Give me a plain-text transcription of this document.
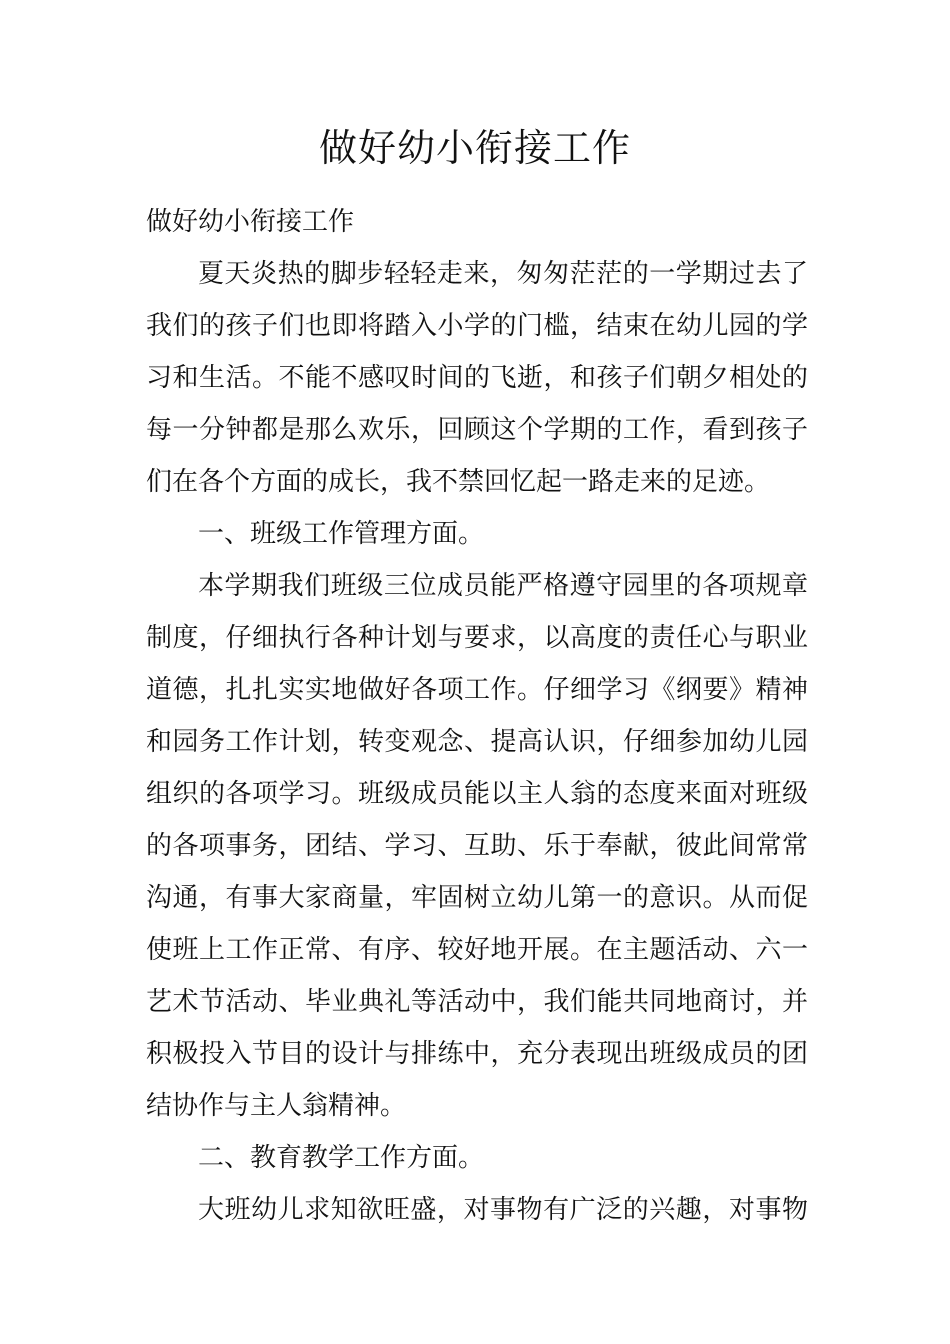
做好幼小衔接工作
做好幼小衔接工作
夏天炎热的脚步轻轻走来，匆匆茫茫的一学期过去了
我们的孩子们也即将踏入小学的门槛，结束在幼儿园的学
习和生活。不能不感叹时间的飞逝，和孩子们朝夕相处的
每一分钟都是那么欢乐，回顾这个学期的工作，看到孩子
们在各个方面的成长，我不禁回忆起一路走来的足迹。
一、班级工作管理方面。
本学期我们班级三位成员能严格遵守园里的各项规章
制度，仔细执行各种计划与要求，以高度的责任心与职业
道德，扎扎实实地做好各项工作。仔细学习《纲要》精神
和园务工作计划，转变观念、提高认识，仔细参加幼儿园
组织的各项学习。班级成员能以主人翁的态度来面对班级
的各项事务，团结、学习、互助、乐于奉献，彼此间常常
沟通，有事大家商量，牢固树立幼儿第一的意识。从而促
使班上工作正常、有序、较好地开展。在主题活动、六一
艺术节活动、毕业典礼等活动中，我们能共同地商讨，并
积极投入节目的设计与排练中，充分表现出班级成员的团
结协作与主人翁精神。
二、教育教学工作方面。
大班幼儿求知欲旺盛，对事物有广泛的兴趣，对事物
